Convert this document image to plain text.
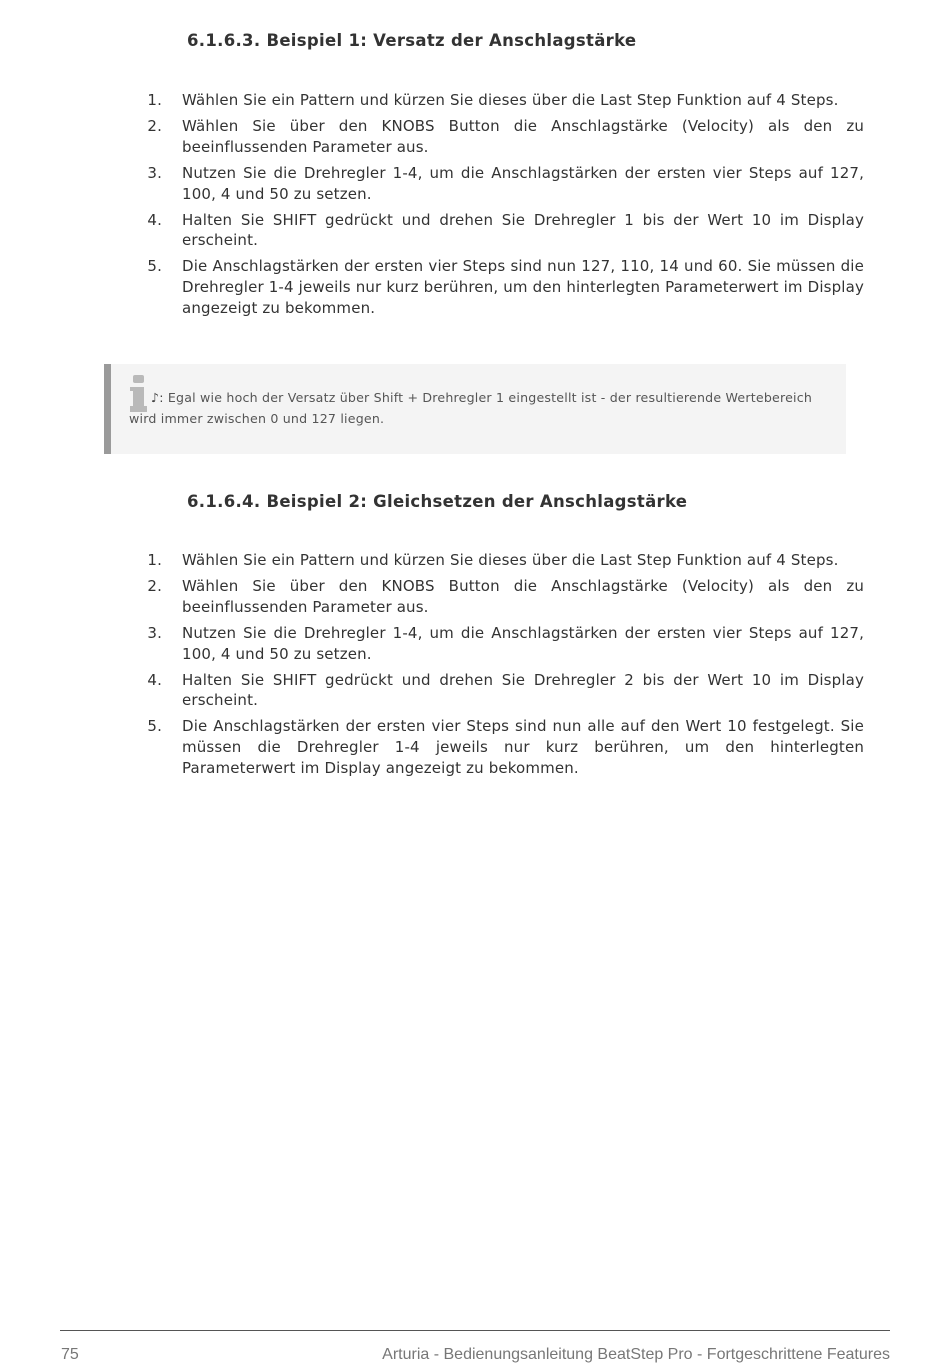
6.1.6.3. Beispiel 1: Versatz der Anschlagstärke
1. Wählen Sie ein Pattern und kürzen Sie dieses über die Last Step Funktion auf 4 Steps.
2. Wählen Sie über den KNOBS Button die Anschlagstärke (Velocity) als den zu beeinflussenden Parameter aus.
3. Nutzen Sie die Drehregler 1-4, um die Anschlagstärken der ersten vier Steps auf 127, 100, 4 und 50 zu setzen.
4. Halten Sie SHIFT gedrückt und drehen Sie Drehregler 1 bis der Wert 10 im Display erscheint.
5. Die Anschlagstärken der ersten vier Steps sind nun 127, 110, 14 und 60. Sie müssen die Drehregler 1-4 jeweils nur kurz berühren, um den hinterlegten Parameterwert im Display angezeigt zu bekommen.

♪: Egal wie hoch der Versatz über Shift + Drehregler 1 eingestellt ist - der resultierende Wertebereich wird immer zwischen 0 und 127 liegen.

6.1.6.4. Beispiel 2: Gleichsetzen der Anschlagstärke
1. Wählen Sie ein Pattern und kürzen Sie dieses über die Last Step Funktion auf 4 Steps.
2. Wählen Sie über den KNOBS Button die Anschlagstärke (Velocity) als den zu beeinflussenden Parameter aus.
3. Nutzen Sie die Drehregler 1-4, um die Anschlagstärken der ersten vier Steps auf 127, 100, 4 und 50 zu setzen.
4. Halten Sie SHIFT gedrückt und drehen Sie Drehregler 2 bis der Wert 10 im Display erscheint.
5. Die Anschlagstärken der ersten vier Steps sind nun alle auf den Wert 10 festgelegt. Sie müssen die Drehregler 1-4 jeweils nur kurz berühren, um den hinterlegten Parameterwert im Display angezeigt zu bekommen.
75	Arturia - Bedienungsanleitung BeatStep Pro - Fortgeschrittene Features
